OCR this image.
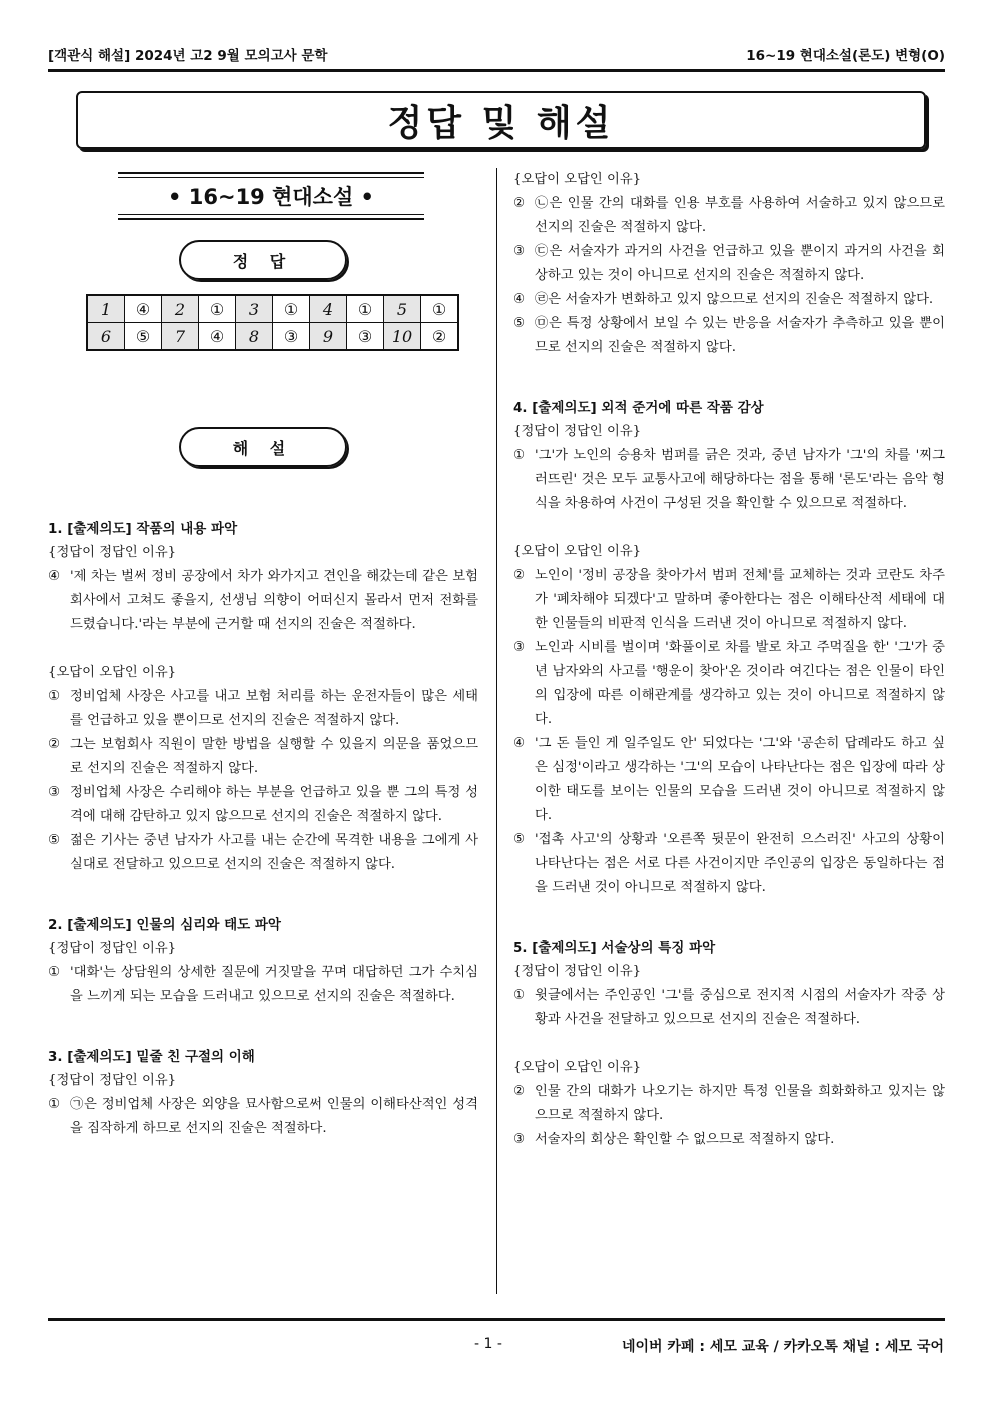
[객관식 해설] 2024년 고2 9월 모의고사 문학	16~19 현대소설(론도) 변형(O)
정답 및 해설
• 16~19 현대소설 •
정 답
1	④	2	①	3	①	4	①	5	①
6	⑤	7	④	8	③	9	③	10	②
해 설
1. [출제의도] 작품의 내용 파악
{정답이 정답인 이유}
④ '제 차는 벌써 정비 공장에서 차가 와가지고 견인을 해갔는데 같은 보험회사에서 고쳐도 좋을지, 선생님 의향이 어떠신지 몰라서 먼저 전화를 드렸습니다.'라는 부분에 근거할 때 선지의 진술은 적절하다.
{오답이 오답인 이유}
① 정비업체 사장은 사고를 내고 보험 처리를 하는 운전자들이 많은 세태를 언급하고 있을 뿐이므로 선지의 진술은 적절하지 않다.
② 그는 보험회사 직원이 말한 방법을 실행할 수 있을지 의문을 품었으므로 선지의 진술은 적절하지 않다.
③ 정비업체 사장은 수리해야 하는 부분을 언급하고 있을 뿐 그의 특정 성격에 대해 감탄하고 있지 않으므로 선지의 진술은 적절하지 않다.
⑤ 젊은 기사는 중년 남자가 사고를 내는 순간에 목격한 내용을 그에게 사실대로 전달하고 있으므로 선지의 진술은 적절하지 않다.
2. [출제의도] 인물의 심리와 태도 파악
{정답이 정답인 이유}
① '대화'는 상담원의 상세한 질문에 거짓말을 꾸며 대답하던 그가 수치심을 느끼게 되는 모습을 드러내고 있으므로 선지의 진술은 적절하다.
3. [출제의도] 밑줄 친 구절의 이해
{정답이 정답인 이유}
① ㉠은 정비업체 사장은 외양을 묘사함으로써 인물의 이해타산적인 성격을 짐작하게 하므로 선지의 진술은 적절하다.
{오답이 오답인 이유}
② ㉡은 인물 간의 대화를 인용 부호를 사용하여 서술하고 있지 않으므로 선지의 진술은 적절하지 않다.
③ ㉢은 서술자가 과거의 사건을 언급하고 있을 뿐이지 과거의 사건을 회상하고 있는 것이 아니므로 선지의 진술은 적절하지 않다.
④ ㉣은 서술자가 변화하고 있지 않으므로 선지의 진술은 적절하지 않다.
⑤ ㉤은 특정 상황에서 보일 수 있는 반응을 서술자가 추측하고 있을 뿐이므로 선지의 진술은 적절하지 않다.
4. [출제의도] 외적 준거에 따른 작품 감상
{정답이 정답인 이유}
① '그'가 노인의 승용차 범퍼를 긁은 것과, 중년 남자가 '그'의 차를 '찌그러뜨린' 것은 모두 교통사고에 해당하다는 점을 통해 '론도'라는 음악 형식을 차용하여 사건이 구성된 것을 확인할 수 있으므로 적절하다.
{오답이 오답인 이유}
② 노인이 '정비 공장을 찾아가서 범퍼 전체'를 교체하는 것과 코란도 차주가 '폐차해야 되겠다'고 말하며 좋아한다는 점은 이해타산적 세태에 대한 인물들의 비판적 인식을 드러낸 것이 아니므로 적절하지 않다.
③ 노인과 시비를 벌이며 '화풀이로 차를 발로 차고 주먹질을 한' '그'가 중년 남자와의 사고를 '행운이 찾아'온 것이라 여긴다는 점은 인물이 타인의 입장에 따른 이해관계를 생각하고 있는 것이 아니므로 적절하지 않다.
④ '그 돈 들인 게 일주일도 안' 되었다는 '그'와 '공손히 답례라도 하고 싶은 심정'이라고 생각하는 '그'의 모습이 나타난다는 점은 입장에 따라 상이한 태도를 보이는 인물의 모습을 드러낸 것이 아니므로 적절하지 않다.
⑤ '접촉 사고'의 상황과 '오른쪽 뒷문이 완전히 으스러진' 사고의 상황이 나타난다는 점은 서로 다른 사건이지만 주인공의 입장은 동일하다는 점을 드러낸 것이 아니므로 적절하지 않다.
5. [출제의도] 서술상의 특징 파악
{정답이 정답인 이유}
① 윗글에서는 주인공인 '그'를 중심으로 전지적 시점의 서술자가 작중 상황과 사건을 전달하고 있으므로 선지의 진술은 적절하다.
{오답이 오답인 이유}
② 인물 간의 대화가 나오기는 하지만 특정 인물을 희화화하고 있지는 않으므로 적절하지 않다.
③ 서술자의 회상은 확인할 수 없으므로 적절하지 않다.
- 1 -	네이버 카페 : 세모 교육 / 카카오톡 채널 : 세모 국어
